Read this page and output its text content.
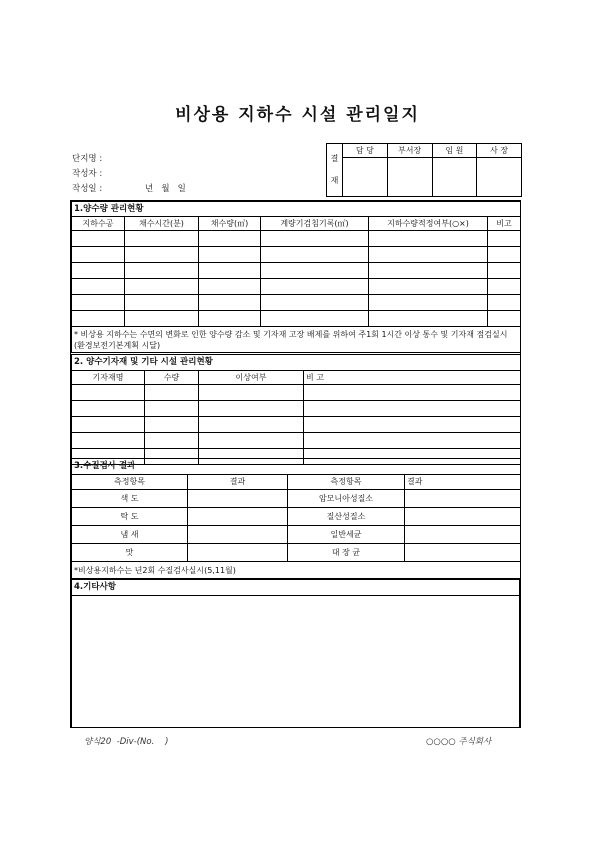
비상용 지하수 시설 관리일지
단지명 :
작성자 :
작성일 :	년   월   일
결
재	담 당	부서장	임 원	사 장

1.양수량 관리현황					
지하수공	채수시간(분)	채수량(㎥)	계량기검침기록(㎥)	지하수량적정여부(○×)	비고

* 비상용 지하수는 수면의 변화로 인한 양수량 감소 및 기자재 고장 배제를 위하여 주1회 1시간 이상 통수 및 기자재 점검실시(환경보전기본계획 시달)					
2. 양수기자재 및 기타 시설 관리현황			
기자재명	수량	이상여부	비 고

3.수질검사 결과			
측정항목	결과	측정항목	결과
색 도		암모니아성질소	
탁 도		질산성질소	
냄 새		일반세균	
맛		대 장 균	
*비상용지하수는 년2회 수질검사실시(5,11월)			
4.기타사항

양식20  -Div-(No.    )	○○○○ 주식회사
